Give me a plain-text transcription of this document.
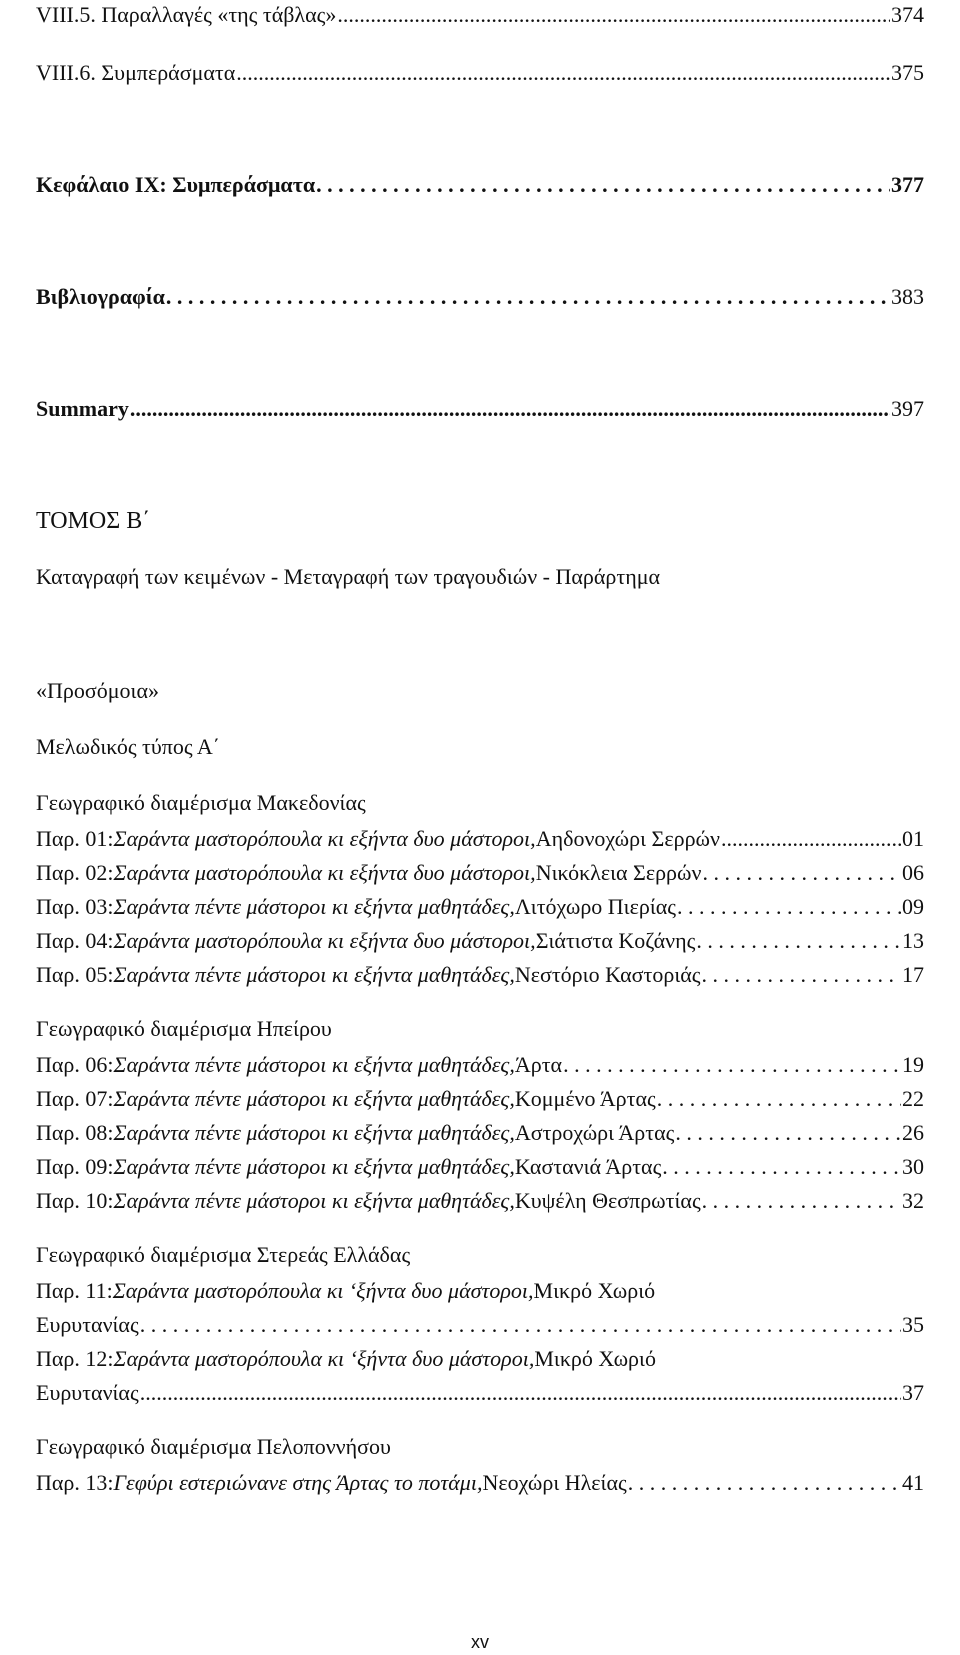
VIII.5. Παραλλαγές «της τάβλας» .....	374
VIII.6. Συμπεράσματα .....	375
Κεφάλαιο ΙΧ: Συμπεράσματα . . .	377
Βιβλιογραφία . . .	383
Summary .....	397
ΤΟΜΟΣ Β΄
Καταγραφή των κειμένων - Μεταγραφή των τραγουδιών - Παράρτημα
«Προσόμοια»
Μελωδικός τύπος Α΄
Γεωγραφικό διαμέρισμα Μακεδονίας
Παρ. 01: Σαράντα μαστορόπουλα κι εξήντα δυο μάστοροι, Αηδονοχώρι Σερρών .....	01
Παρ. 02: Σαράντα μαστορόπουλα κι εξήντα δυο μάστοροι, Νικόκλεια Σερρών . . .	06
Παρ. 03: Σαράντα πέντε μάστοροι κι εξήντα μαθητάδες, Λιτόχωρο Πιερίας . . .	09
Παρ. 04: Σαράντα μαστορόπουλα κι εξήντα δυο μάστοροι, Σιάτιστα Κοζάνης . . .	13
Παρ. 05: Σαράντα πέντε μάστοροι κι εξήντα μαθητάδες, Νεστόριο Καστοριάς . . .	17
Γεωγραφικό διαμέρισμα Ηπείρου
Παρ. 06: Σαράντα πέντε μάστοροι κι εξήντα μαθητάδες, Άρτα . . .	19
Παρ. 07: Σαράντα πέντε μάστοροι κι εξήντα μαθητάδες, Κομμένο Άρτας . . .	22
Παρ. 08: Σαράντα πέντε μάστοροι κι εξήντα μαθητάδες, Αστροχώρι Άρτας . . .	26
Παρ. 09: Σαράντα πέντε μάστοροι κι εξήντα μαθητάδες, Καστανιά Άρτας . . .	30
Παρ. 10: Σαράντα πέντε μάστοροι κι εξήντα μαθητάδες, Κυψέλη Θεσπρωτίας . . .	32
Γεωγραφικό διαμέρισμα Στερεάς Ελλάδας
Παρ. 11: Σαράντα μαστορόπουλα κι ‘ξήντα δυο μάστοροι, Μικρό Χωριό
Ευρυτανίας . . .	35
Παρ. 12: Σαράντα μαστορόπουλα κι ‘ξήντα δυο μάστοροι, Μικρό Χωριό
Ευρυτανίας .....	37
Γεωγραφικό διαμέρισμα Πελοποννήσου
Παρ. 13: Γεφύρι εστεριώνανε στης Άρτας το ποτάμι, Νεοχώρι Ηλείας . . .	41
xv
